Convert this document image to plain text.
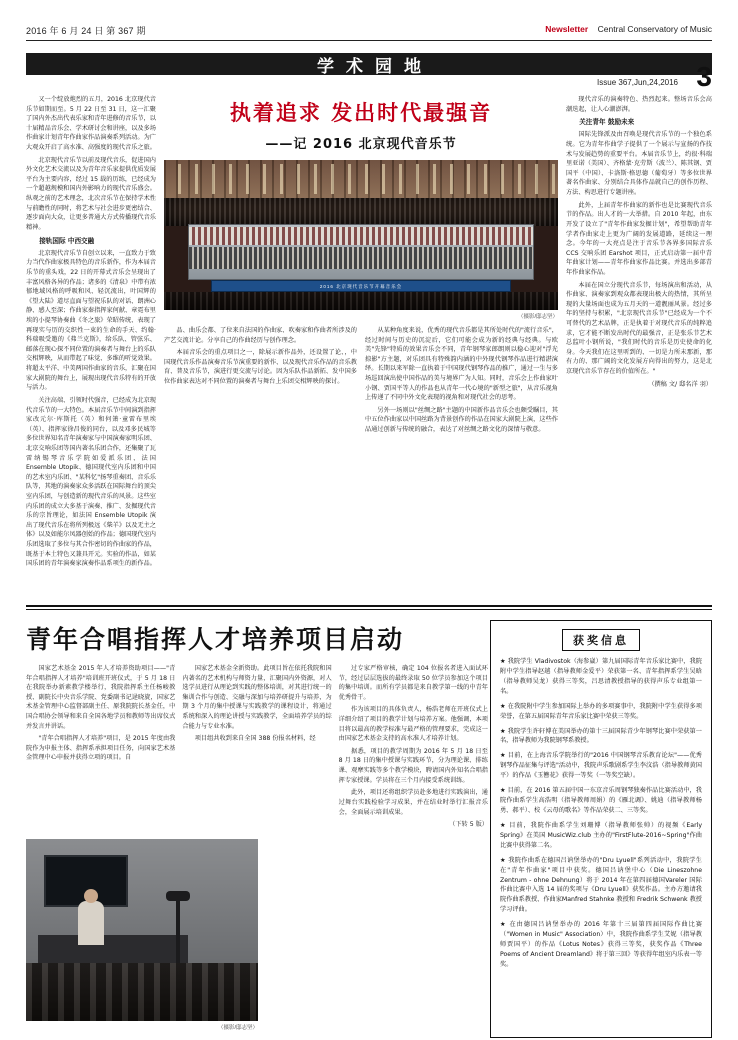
2016 年 6 月 24 日 第 367 期	Newsletter Central Conservatory of Music
学术园地
Issue 367,Jun,24,2016 3

又一个绽放炮烈的五月，2016 北京现代音乐节如期而至。5 月 22 日至 31 日，这一汇聚了国内外杰出代表乐家和青年进修的音乐节，以十届精品音乐会、学术研讨会和讲座，以及多场作曲家计划青年作曲家作品演奏系列活动。为广大观众开启了高水准、高强度的现代音乐之旅。

北京现代音乐节以前及现代音乐，促进国内外文化艺术交流以及为青年音乐家提供优质发展平台为主要内容，经过 15 载的历练，已经成为一个超越规模和国内外影响力的现代音乐盛会。纵观之前的艺术理念，北次音乐节在保持学术性与前瞻性的同时，将艺术与社会进步更密结合、逐步面向大众，让更多普通大方式传播现代音乐精神。

接轨国际 中西交融

北京现代音乐节自创立以来，一直致力于致力当代作曲家极具特色的音乐新作，作为本届音乐节的重头戏，22 日的开幕式音乐会呈现出了丰富风格各异的作品；诸多的《清泉》中带有浓郁地域风格的呼吸和风、轻沉流出，叶国辉的《望大陆》道尽直面与望祝乐队的对话、朗洲心静、感人至深；作曲家秦指挥家何献、章霓布里埃的小提琴协奏曲《冬之旅》荣昭传统、表现了再现实与历的交织性一束的生命的手天、约翰·科瑞吸受邀的《弗兰克斯》，给乐队、管弦乐、邮落在现心探不同位置的演奏者与舞台上的乐队交相辉映，从而带起了味觉、多维的听觉效果。将超太平洋、中美两国作曲家的音乐，汇聚在国家大剧院的舞台上，展现出现代音乐特有的开放与活力。

关注高端、引领时代强音，已经成为北京现代音乐节的一大特色。本届音乐节中间演到指挥家改元尔·库斯托（英）和何箫·童雷布里埃（英）、指挥家徐昌俊的同台，以及邓多民城等多位世界知名青年演奏家与中国演奏家明乐团、北京交响乐团等国内著名乐团合作，还集聚了瓦雷纳锡琴音乐学院如爱派乐团、法国 Ensemble Utopik、德国现代室内乐团和中国的艺术室内乐团、"某科忆"扬琴重奏团、音乐乐队等，其地的演奏家众多活跃在国际舞台的顶尖室内乐团，与创造新的现代音乐的风景。这些室内乐团的成立大多基于演奏、推广、发掘现代音乐的宗旨理论，如法国 Ensemble Utopik 演出了现代音乐在将所列极远《柴羊》以及无主之体》以及如能尔凤器创始的作品；德国现代室内乐团选取了多位与其合作密切的作曲家的作品，既基于本土特色又兼具开元。实验的作品，如某国乐团的青年演奏家演奏作品系项生的新作品。

执着追求 发出时代最强音
——记 2016 北京现代音乐节
2016 北京现代音乐节开幕音乐会
（摄影/邸志坚）

品、曲乐会都、了位来自法国的作曲家、吹奏家和作曲者所涉及的产艺交流计论。分享自己的作曲经历与创作理念。

本届音乐会的重点项目之一，除展示新作品外，还设置了论、，中国现代音乐作品演奏音乐节演重要的新作、以及现代音乐作品的音乐教育、普及音乐节，演进行更交流与讨论。因为乐队作品新拓、发中国多位作曲家表达对不同位置的演奏者与舞台上乐团交相辉映的探讨。

从某种角度来说，优秀的现代音乐都是其所处时代的"流行音乐"，经过时间与历史的沉淀后，它们可能会成为新的经典与经典。与欧美"先锋"特质的效果音乐会不同，青年钢琴家郎朗则以稳心迎对"浮光掠影"方主题，对乐团具有特殊韵内涵的中外现代钢琴作品进行精湛演绎。长期以来军除一直执着于中国现代钢琴作品的推广，通过一生与多场巡回演出使中国作品的美与境界广为人知。同时，音乐会上作曲家叶小钢、贾国平等人的作品也从青年一代心境的"新型之旅"，从音乐视角上传递了不同中外文化表现的视角和对现代社会的思考。

另外一场则以"丝绸之路"主题的中国新作品音乐会也颇受瞩目，其中五位作曲家以中国丝路为背景创作的作品在国家大剧院上演，这些作品通过创新与传统的融合，表达了对丝绸之路文化的深情与敬意。

现代音乐的演奏特色、热烈起来。整场音乐会高潮迭起，让人心潮澎湃。

关注青年 鼓励未来

国际先锋派及由召唤是现代音乐节的一个独色系统。它为青年作曲学子提供了一个展示与宣扬的作技术与发展趋势的重要平台。本届音乐节上，约很·科瑞里亚诺（美国）、齐格蒙·克劳斯（波兰）、陈其钢、贾国平（中国）、卡洛斯·格思德（葡萄牙）等多位世界著名作曲家、分别结合具体作品就自己的创作历程、方法、构思进行专题讲座。

此外，上届青年作曲家的新作也是比赛现代音乐节的作品。出人才的一大举措。自 2010 年起，由东开发了设立了"青年作曲家发掘计划"，希望帮助青年学者作曲家走上更为广阔的发展道路，延续这一理念。今年的一大亮点是注于音乐节各界多国际音乐 CCS 交响乐团 Earshot 项目，正式启动第一届中青年曲家计划——青年作曲家作品比赛。并选出多部青年作曲家作品。

本届在国立分现代音乐节，每场演出和活动，从作曲家、演奏家到观众都表现出极大的热情，其所呈现的大量场面也成为五月天的一道靓丽风景。经过多年的坚持与积累，"北京现代音乐节"已经成为一个不可替代的艺术品牌，正是执着于对现代音乐的纯粹追求，它才能不断发出时代的最强音，正是张乐节艺术总监叶小钢所说，"我们时代的音乐是历史使命的化身。今天我们在这里听到的、一切是力所未那新，那有力的、那广阔的文化发展方向得出的努力，这是北京现代音乐节存在的价值所在。"

（撰稿 文/ 邸名洋 羽）

青年合唱指挥人才培养项目启动

国家艺术基金 2015 年人才培养资助项目——"青年合唱指挥人才培养"培训班开班仪式，于 5 月 18 日在我院举办新素教学楼举行，我院指挥系主任杨峻教授、副院长中央音乐学院、党委副书记逯晓旋，国家艺术基金管理中心监督部副主任、原我院院长基金任，中国合唱协会领导和来自全国各地学员和教师等出席仪式并发言并讲话。

"青年合唱指挥人才培养"项目，是 2015 年度由我院作为申报主体、指挥系承担项目任务，向国家艺术基金管理中心申报并获得立项的项目。自

国家艺术基金全新资助。此项目旨在依托我院和国内著名的艺术机构与师资力量，汇聚国内外资源，对人选学员进行从理论到实践的整体培训，对其进行统一的集训合作与创造、交融与深加与培养研提升与培养，为期 3 个月的集中授课与实践教学的课程设计，将通过系统和深入的理论讲授与实践教学，全面培养学员的综合能力与专业水准。

项目组共收到来自全国 388 份报名材料，经

过专家严格审核，确定 104 位报名者进入面试环节，经过层层选拔的最终录取 50 位学员参加这个项目的集中培训。而所有学员都是来自教学第一线的中青年优秀骨干。

作为该项目的具体负责人，杨浩老师在开班仪式上详细介绍了项目的教学计划与培养方案。他强调，本项目将以最高的教学标准与最严格的管理要求，完成这一由国家艺术基金支持的高水准人才培养计划。

据悉，项目的教学周期为 2016 年 5 月 18 日至 8 月 18 日的集中授课与实践环节，分为理论课、排练课、观摩实践等多个教学模块，聘请国内外知名合唱指挥专家授课。学员将在三个月内接受系统训练。

此外，项目还将组织学员赴多地进行实践演出，通过舞台实践检验学习成果，并在结业时举行汇报音乐会，全面展示培训成果。

（下转 5 版）

（摄影/邸志坚）
获奖信息
★ 我院学生 Vladivostok（海参崴）第九届国际青年音乐家比赛中，我院附中学生指导赵越（指导教师金爱平）荣获第一名、青年指挥系学生吴晗（指导教师吴龙）获得三等奖，吕思清教授指导的获得声乐专业组第一名。
★ 在我院附中学生参加国际上举办的多项赛事中，我院附中学生获得多项荣誉，在第五届国际青年音乐家比赛中荣获三等奖。
★ 我院学生许轩博在美国举办的第十三届国际青少年钢琴比赛中荣获第一名，指导教师为我院钢琴系教授。
★ 目前，在上海音乐学院举行的"2016 中国钢琴音乐教育论坛"——优秀钢琴作品征集与评选"活动中，我院声乐歌剧系学生李汶浩（指导教师黄国平）的作品《玉簪花》获得一等奖（一等奖空缺）。
★ 目前，在 2016 第五届中国一东京音乐周钢琴独奏作品比赛活动中，我院作曲系学生高浩明（指导教师周娟）的《雁北调》、姚迪（指导教师杨勇、郝平）、校《云母的歌名》等作品荣获二、三等奖。
★ 目前，我院作曲系学生刘珊博（指导教师张帅）的视频《Early Spring》在美国 MusicWiz.club 主办的"FirstFlute-2016~Spring"作曲比赛中获得第二名。
★ 我院作曲系在德国吕讷堡举办的"Dru Lyuell"系列活动中，我院学生在"青年作曲家"项目中获奖。德国吕讷堡中心（Die Lineszohne Zentrum - ohne Dehnung）将于 2014 年在第四届德国Vareler 国际作曲比赛中入选 14 届的奖项与《Dru Lyuell》获奖作品。主办方邀请我院作曲系教授、作曲家Manfred Stahnke 教授和 Fredrik Schwenk 教授学习评曲。
★ 在由德国吕讷堡举办的 2016 年第十三届第四届国际作曲比赛（"Women in Music" Association）中，我院作曲系学生艾妮（指导教师贾国平）的作品《Lotus Notes》获得三等奖，获奖作品《Three Poems of Ancient Dreamland》将于第三回》等获得年组室内乐表一等奖。
